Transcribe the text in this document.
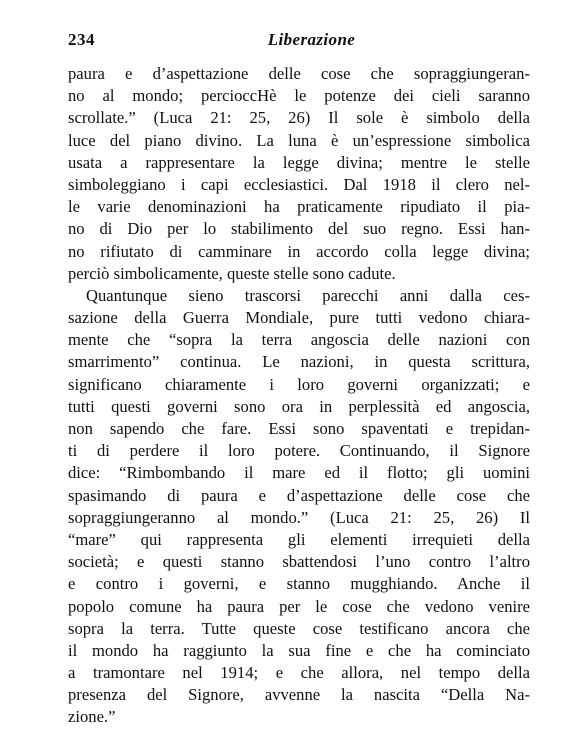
234	Liberazione
paura e d’aspettazione delle cose che sopraggiungeran-
no al mondo; percioccHè le potenze dei cieli saranno
scrollate.” (Luca 21: 25, 26) Il sole è simbolo della
luce del piano divino. La luna è un’espressione simbolica
usata a rappresentare la legge divina; mentre le stelle
simboleggiano i capi ecclesiastici. Dal 1918 il clero nel-
le varie denominazioni ha praticamente ripudiato il pia-
no di Dio per lo stabilimento del suo regno. Essi han-
no rifiutato di camminare in accordo colla legge divina;
perciò simbolicamente, queste stelle sono cadute.
Quantunque sieno trascorsi parecchi anni dalla ces-
sazione della Guerra Mondiale, pure tutti vedono chiara-
mente che “sopra la terra angoscia delle nazioni con
smarrimento” continua. Le nazioni, in questa scrittura,
significano chiaramente i loro governi organizzati; e
tutti questi governi sono ora in perplessità ed angoscia,
non sapendo che fare. Essi sono spaventati e trepidan-
ti di perdere il loro potere. Continuando, il Signore
dice: “Rimbombando il mare ed il flotto; gli uomini
spasimando di paura e d’aspettazione delle cose che
sopraggiungeranno al mondo.” (Luca 21: 25, 26) Il
“mare” qui rappresenta gli elementi irrequieti della
società; e questi stanno sbattendosi l’uno contro l’altro
e contro i governi, e stanno mugghiando. Anche il
popolo comune ha paura per le cose che vedono venire
sopra la terra. Tutte queste cose testificano ancora che
il mondo ha raggiunto la sua fine e che ha cominciato
a tramontare nel 1914; e che allora, nel tempo della
presenza del Signore, avvenne la nascita “Della Na-
zione.”
